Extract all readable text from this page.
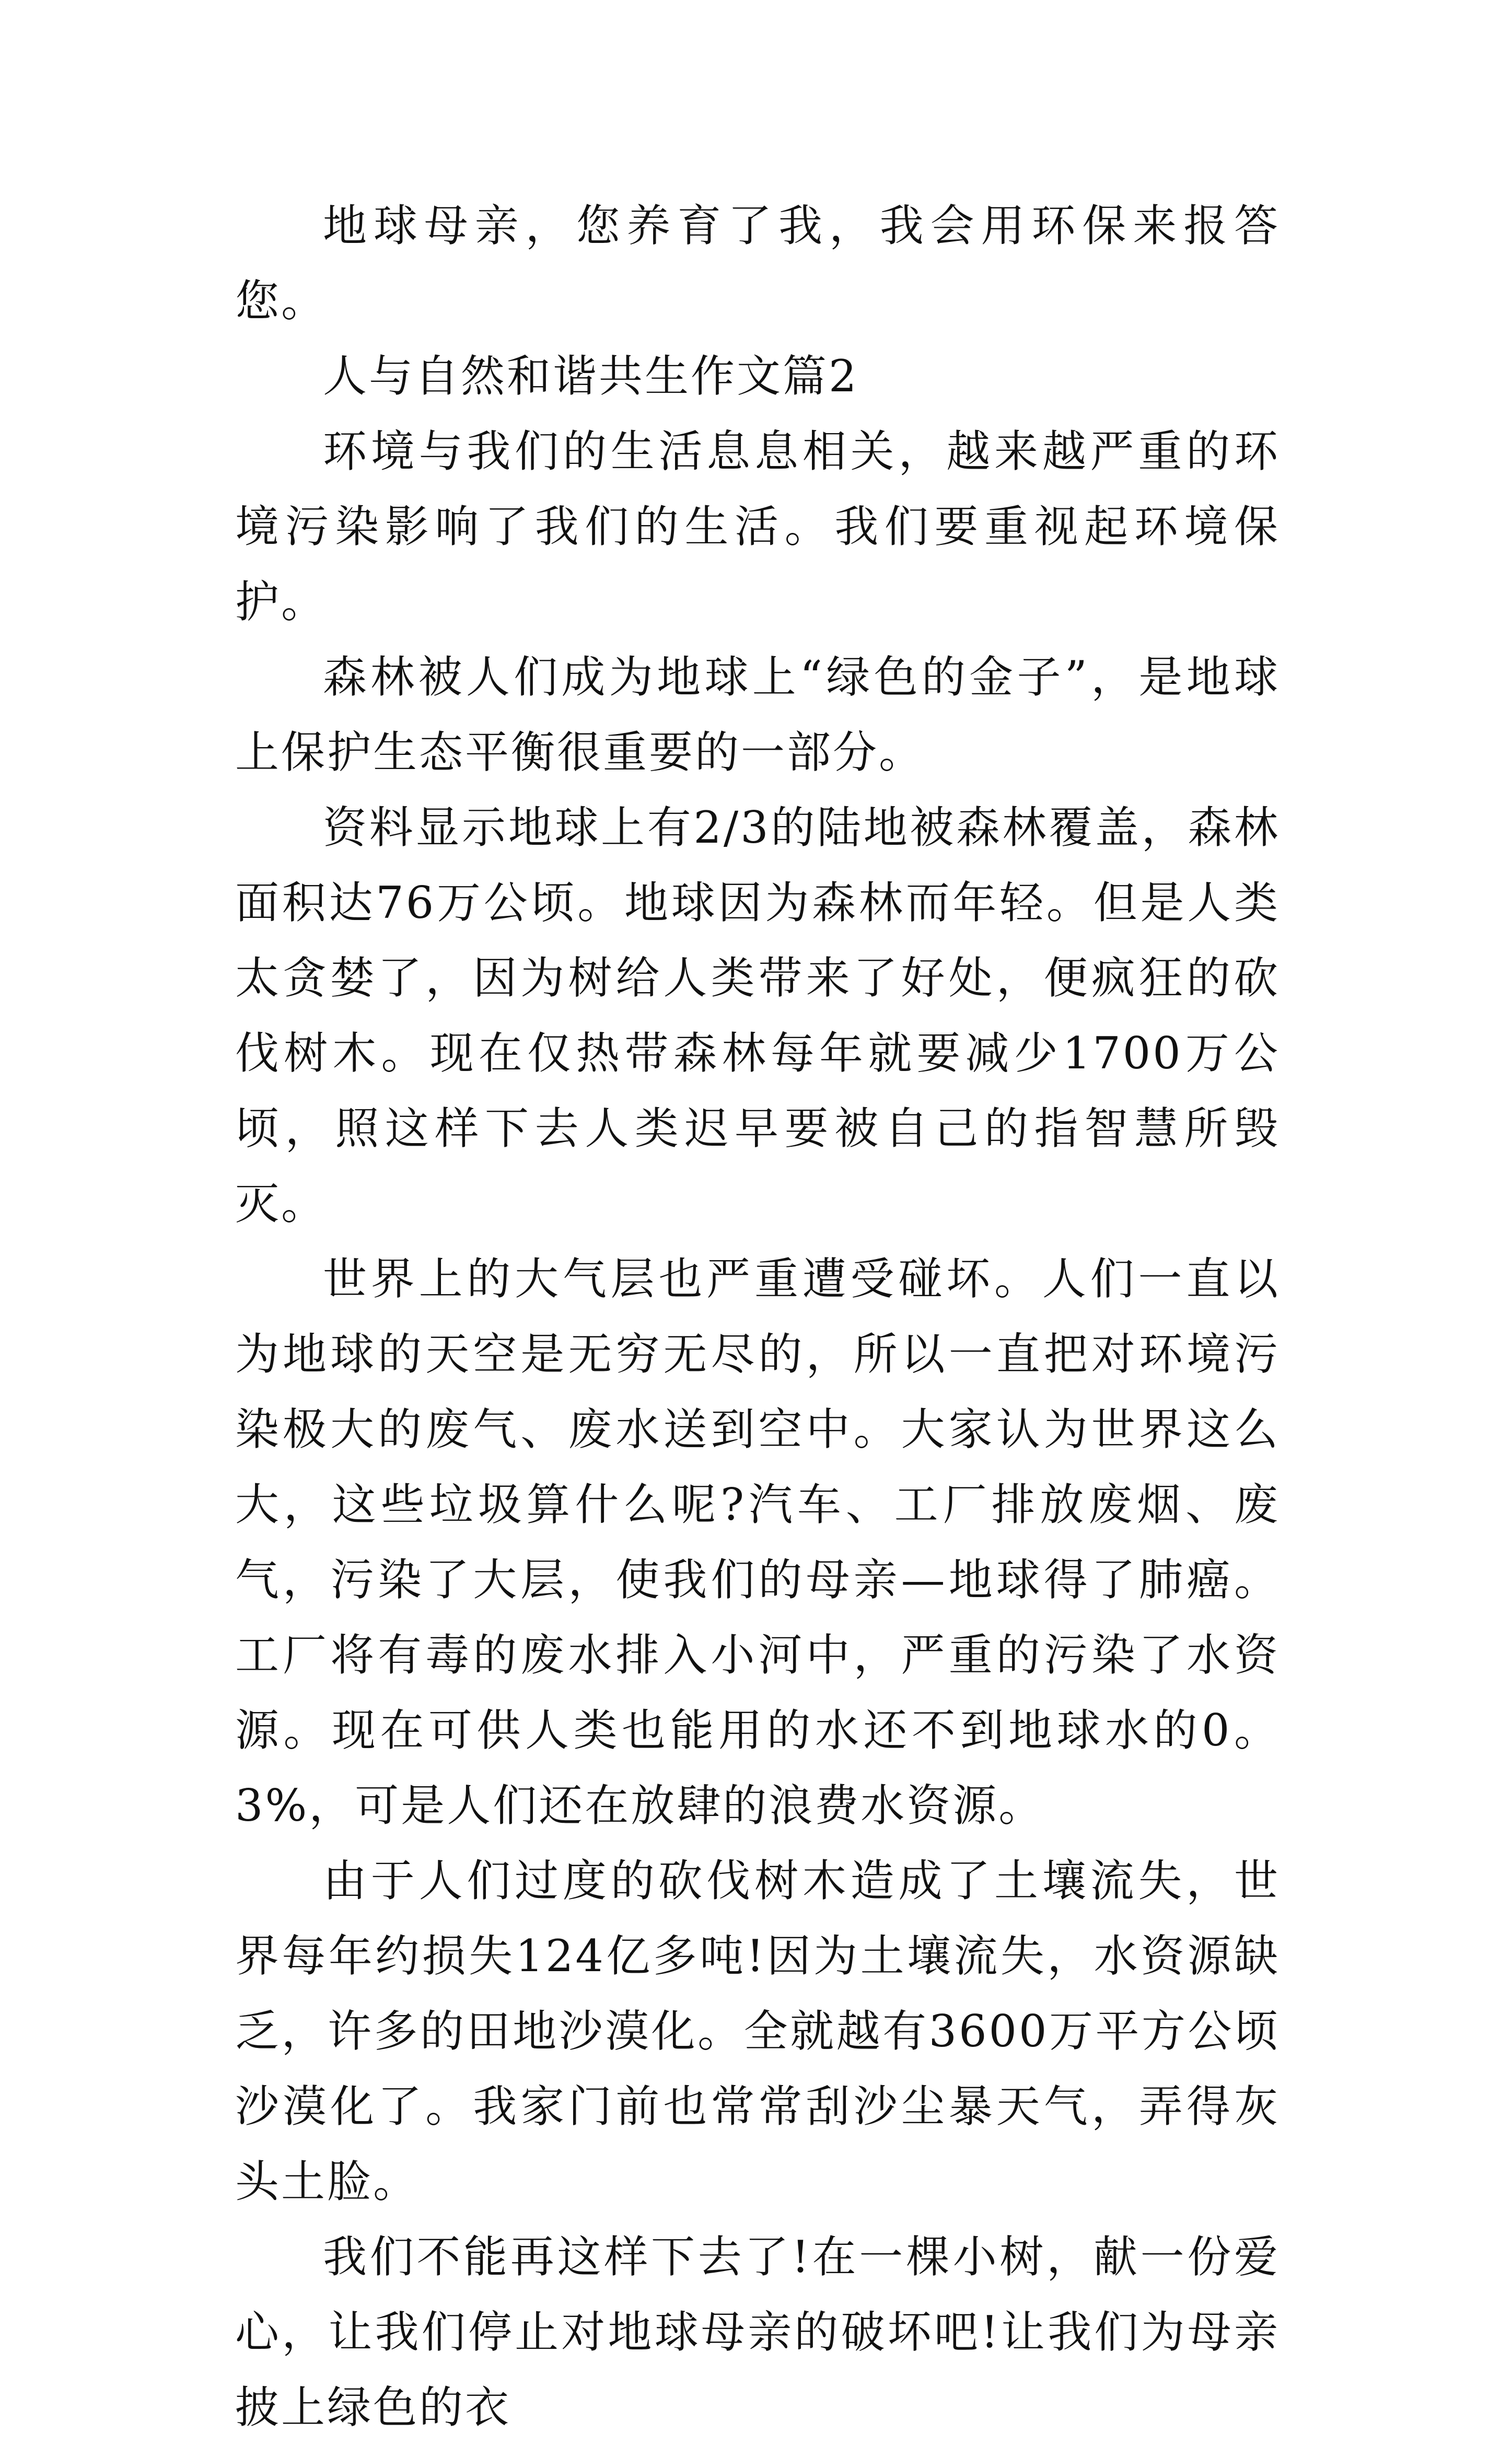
地球母亲，您养育了我，我会用环保来报答您。

人与自然和谐共生作文篇2

环境与我们的生活息息相关，越来越严重的环境污染影响了我们的生活。我们要重视起环境保护。

森林被人们成为地球上“绿色的金子”，是地球上保护生态平衡很重要的一部分。

资料显示地球上有2/3的陆地被森林覆盖，森林面积达76万公顷。地球因为森林而年轻。但是人类太贪婪了，因为树给人类带来了好处，便疯狂的砍伐树木。现在仅热带森林每年就要减少1700万公顷，照这样下去人类迟早要被自己的指智慧所毁灭。

世界上的大气层也严重遭受碰坏。人们一直以为地球的天空是无穷无尽的，所以一直把对环境污染极大的废气、废水送到空中。大家认为世界这么大，这些垃圾算什么呢?汽车、工厂排放废烟、废气，污染了大层，使我们的母亲—地球得了肺癌。工厂将有毒的废水排入小河中，严重的污染了水资源。现在可供人类也能用的水还不到地球水的0。3%，可是人们还在放肆的浪费水资源。

由于人们过度的砍伐树木造成了土壤流失，世界每年约损失124亿多吨!因为土壤流失，水资源缺乏，许多的田地沙漠化。全就越有3600万平方公顷沙漠化了。我家门前也常常刮沙尘暴天气，弄得灰头土脸。

我们不能再这样下去了!在一棵小树，献一份爱心，让我们停止对地球母亲的破坏吧!让我们为母亲披上绿色的衣
